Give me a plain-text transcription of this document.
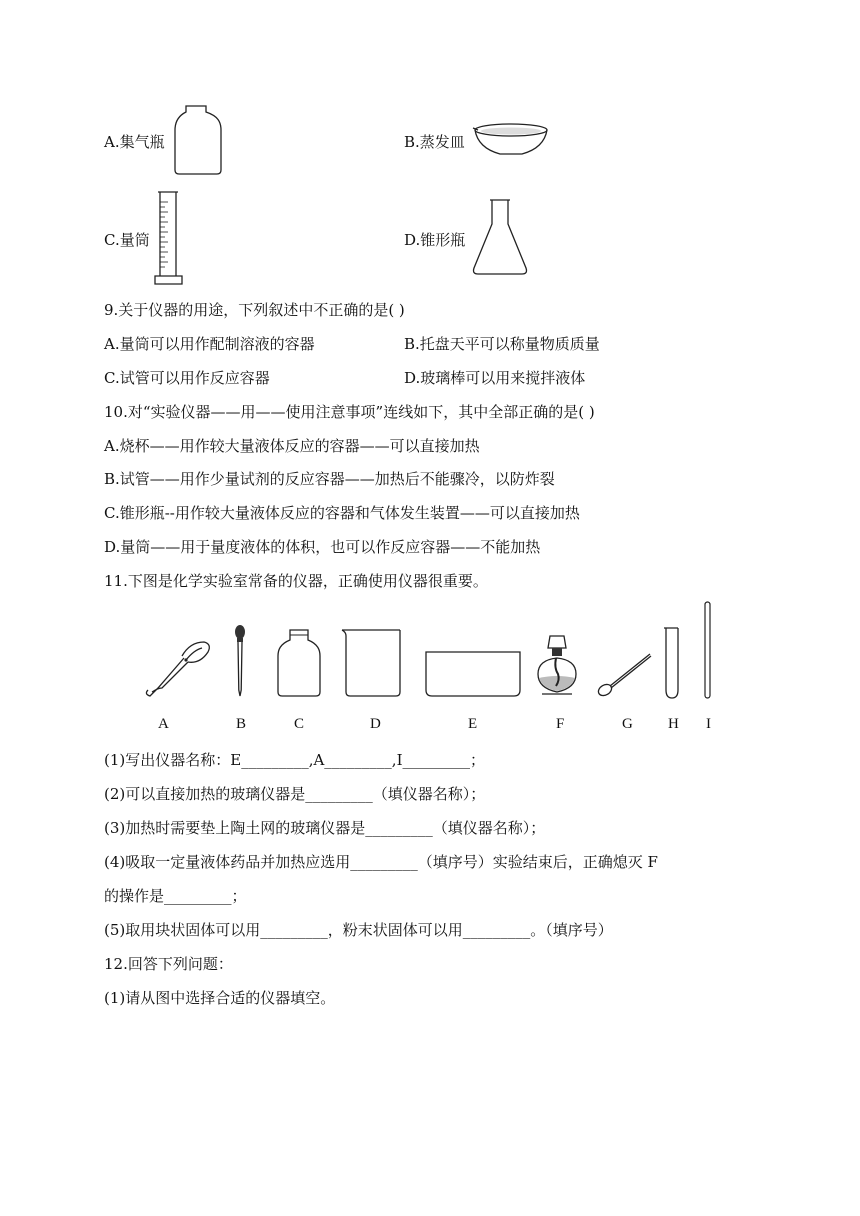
A.集气瓶	B.蒸发皿
C.量筒	D.锥形瓶
9.关于仪器的用途，下列叙述中不正确的是( )
A.量筒可以用作配制溶液的容器	B.托盘天平可以称量物质质量
C.试管可以用作反应容器	D.玻璃棒可以用来搅拌液体
10.对“实验仪器——用——使用注意事项”连线如下，其中全部正确的是( )
A.烧杯——用作较大量液体反应的容器——可以直接加热
B.试管——用作少量试剂的反应容器——加热后不能骤冷，以防炸裂
C.锥形瓶--用作较大量液体反应的容器和气体发生装置——可以直接加热
D.量筒——用于量度液体的体积，也可以作反应容器——不能加热
11.下图是化学实验室常备的仪器，正确使用仪器很重要。
A	B	C	D	E	F	G H I
(1)写出仪器名称：E_________,A_________,I_________；
(2)可以直接加热的玻璃仪器是_________（填仪器名称）；
(3)加热时需要垫上陶土网的玻璃仪器是_________（填仪器名称）；
(4)吸取一定量液体药品并加热应选用_________（填序号）实验结束后，正确熄灭 F
的操作是_________；
(5)取用块状固体可以用_________，粉末状固体可以用_________。（填序号）
12.回答下列问题：
(1)请从图中选择合适的仪器填空。
